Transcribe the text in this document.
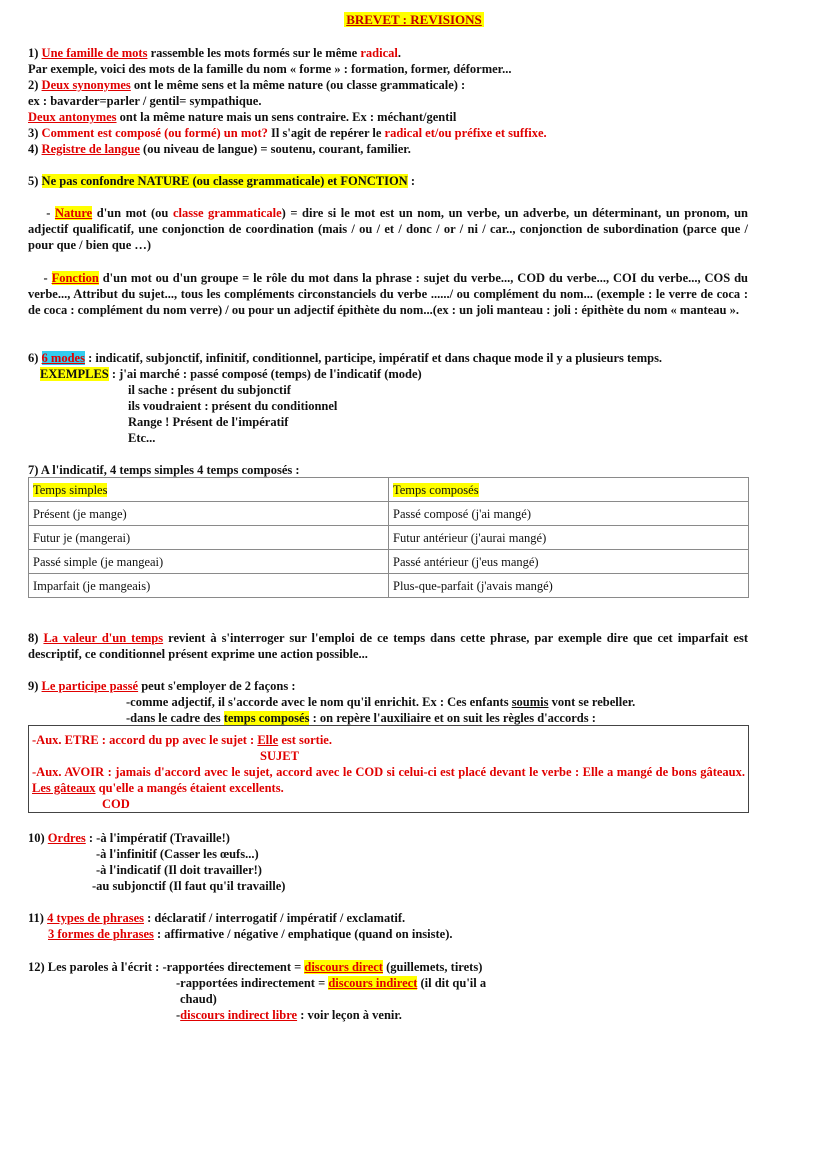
BREVET : REVISIONS
1) Une famille de mots rassemble les mots formés sur le même radical.
Par exemple, voici des mots de la famille du nom « forme » : formation, former, déformer...
2) Deux synonymes ont le même sens et la même nature (ou classe grammaticale) :
ex : bavarder=parler / gentil= sympathique.
Deux antonymes ont la même nature mais un sens contraire. Ex : méchant/gentil
3) Comment est composé (ou formé) un mot? Il s'agit de repérer le radical et/ou préfixe et suffixe.
4) Registre de langue (ou niveau de langue) = soutenu, courant, familier.
5) Ne pas confondre NATURE (ou classe grammaticale) et FONCTION :
- Nature d'un mot (ou classe grammaticale) = dire si le mot est un nom, un verbe, un adverbe, un déterminant, un pronom, un adjectif qualificatif, une conjonction de coordination (mais / ou / et / donc / or / ni / car.., conjonction de subordination (parce que / pour que / bien que …)
- Fonction d'un mot ou d'un groupe = le rôle du mot dans la phrase : sujet du verbe..., COD du verbe..., COI du verbe..., COS du verbe..., Attribut du sujet..., tous les compléments circonstanciels du verbe ....../ ou complément du nom... (exemple : le verre de coca : de coca : complément du nom verre) / ou pour un adjectif épithète du nom...(ex : un joli manteau : joli : épithète du nom « manteau ».
6) 6 modes : indicatif, subjonctif, infinitif, conditionnel, participe, impératif et dans chaque mode il y a plusieurs temps.
EXEMPLES : j'ai marché : passé composé (temps) de l'indicatif (mode)
il sache : présent du subjonctif
ils voudraient : présent du conditionnel
Range ! Présent de l'impératif
Etc...
7) A l'indicatif, 4 temps simples 4 temps composés :
Temps simples	Temps composés
Présent (je mange)	Passé composé (j'ai mangé)
Futur je (mangerai)	Futur antérieur (j'aurai mangé)
Passé simple (je mangeai)	Passé antérieur (j'eus mangé)
Imparfait (je mangeais)	Plus-que-parfait (j'avais mangé)
8) La valeur d'un temps revient à s'interroger sur l'emploi de ce temps dans cette phrase, par exemple dire que cet imparfait est descriptif, ce conditionnel présent exprime une action possible...
9) Le participe passé peut s'employer de 2 façons :
-comme adjectif, il s'accorde avec le nom qu'il enrichit. Ex : Ces enfants soumis vont se rebeller.
-dans le cadre des temps composés : on repère l'auxiliaire et on suit les règles d'accords :
-Aux. ETRE : accord du pp avec le sujet : Elle est sortie.
SUJET
-Aux. AVOIR : jamais d'accord avec le sujet, accord avec le COD si celui-ci est placé devant le verbe : Elle a mangé de bons gâteaux. Les gâteaux qu'elle a mangés étaient excellents.
COD
10) Ordres : -à l'impératif (Travaille!)
-à l'infinitif (Casser les œufs...)
-à l'indicatif (Il doit travailler!)
-au subjonctif (Il faut qu'il travaille)
11) 4 types de phrases : déclaratif / interrogatif / impératif / exclamatif.
3 formes de phrases : affirmative / négative / emphatique (quand on insiste).
12) Les paroles à l'écrit : -rapportées directement = discours direct (guillemets, tirets)
-rapportées indirectement = discours indirect (il dit qu'il a
chaud)
-discours indirect libre : voir leçon à venir.
